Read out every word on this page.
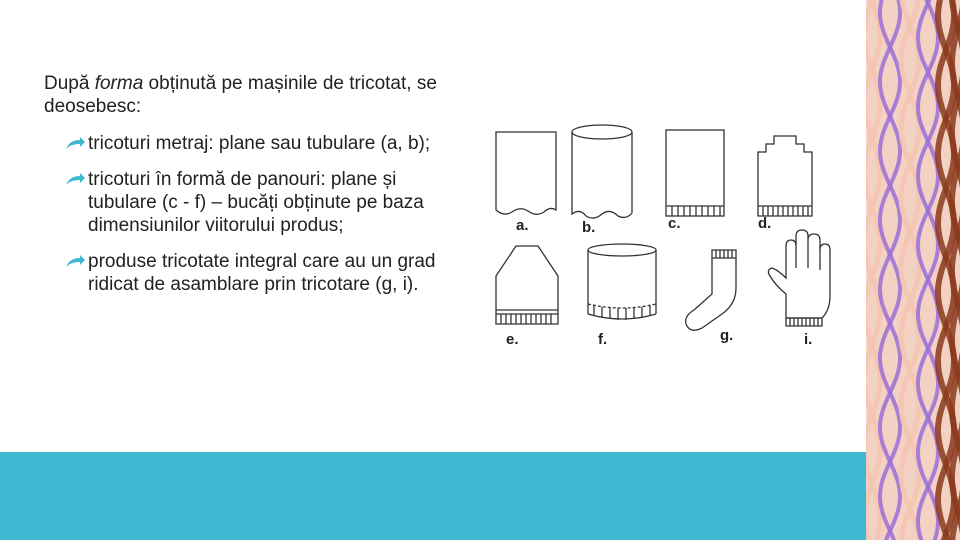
După forma obținută pe mașinile de tricotat, se deosebesc:

tricoturi metraj: plane sau tubulare (a, b);
tricoturi în formă de panouri: plane și tubulare (c - f) – bucăți obținute pe baza dimensiunilor viitorului produs;
produse tricotate integral care au un grad ridicat de asamblare prin tricotare (g, i).
a.	b.	c.	d.
e.	f.	g.	i.
